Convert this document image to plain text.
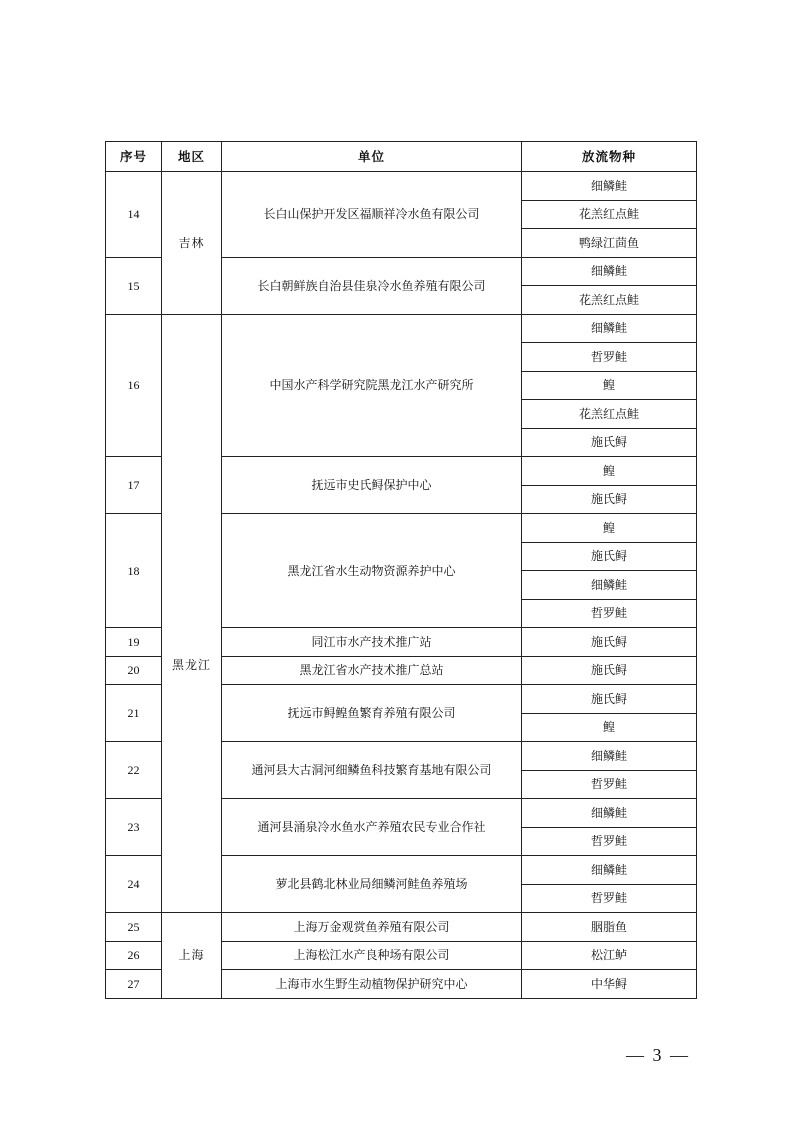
序号	地区	单位	放流物种
14	吉林	长白山保护开发区福顺祥冷水鱼有限公司	细鳞鲑
			花羔红点鲑
			鸭绿江茴鱼
15		长白朝鲜族自治县佳泉冷水鱼养殖有限公司	细鳞鲑
			花羔红点鲑
16	黑龙江	中国水产科学研究院黑龙江水产研究所	细鳞鲑
			哲罗鲑
			鳇
			花羔红点鲑
			施氏鲟
17		抚远市史氏鲟保护中心	鳇
			施氏鲟
18		黑龙江省水生动物资源养护中心	鳇
			施氏鲟
			细鳞鲑
			哲罗鲑
19		同江市水产技术推广站	施氏鲟
20		黑龙江省水产技术推广总站	施氏鲟
21		抚远市鲟鳇鱼繁育养殖有限公司	施氏鲟
			鳇
22		通河县大古洞河细鳞鱼科技繁育基地有限公司	细鳞鲑
			哲罗鲑
23		通河县涌泉冷水鱼水产养殖农民专业合作社	细鳞鲑
			哲罗鲑
24		萝北县鹤北林业局细鳞河鲑鱼养殖场	细鳞鲑
			哲罗鲑
25	上海	上海万金观赏鱼养殖有限公司	胭脂鱼
26		上海松江水产良种场有限公司	松江鲈
27		上海市水生野生动植物保护研究中心	中华鲟
— 3 —
